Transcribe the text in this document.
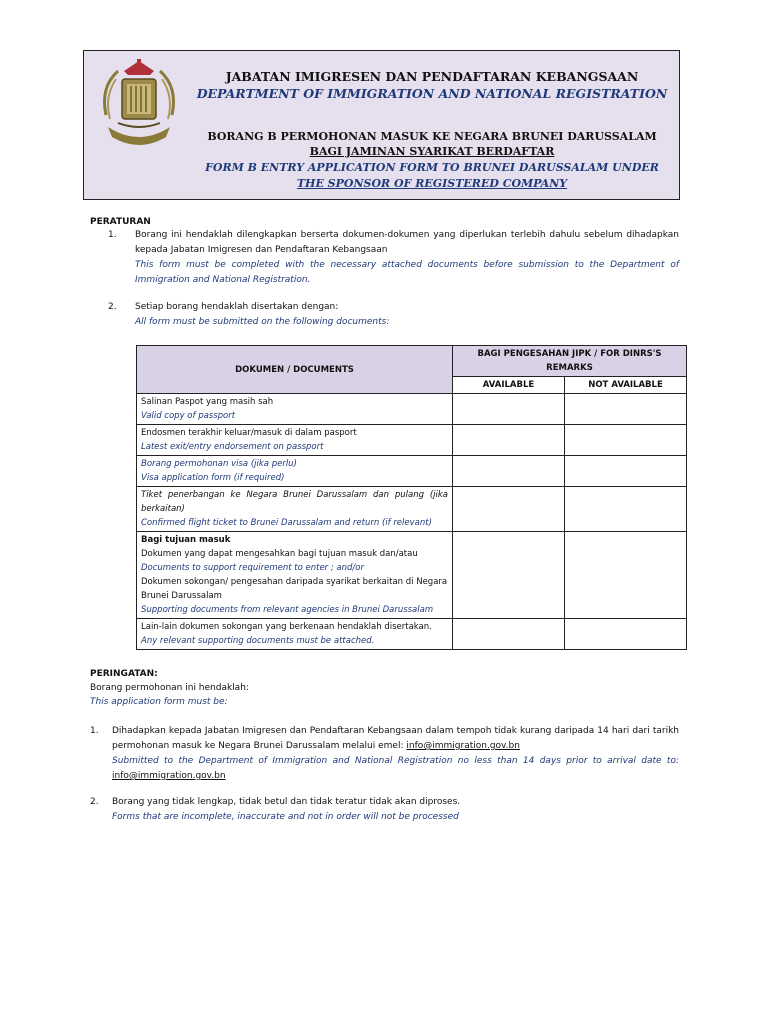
JABATAN IMIGRESEN DAN PENDAFTARAN KEBANGSAAN
DEPARTMENT OF IMMIGRATION AND NATIONAL REGISTRATION
BORANG B PERMOHONAN MASUK KE NEGARA BRUNEI DARUSSALAM
BAGI JAMINAN SYARIKAT BERDAFTAR
FORM B ENTRY APPLICATION FORM TO BRUNEI DARUSSALAM UNDER
THE SPONSOR OF REGISTERED COMPANY
PERATURAN
1. Borang ini hendaklah dilengkapkan berserta dokumen-dokumen yang diperlukan terlebih dahulu sebelum dihadapkan kepada Jabatan Imigresen dan Pendaftaran Kebangsaan
This form must be completed with the necessary attached documents before submission to the Department of Immigration and National Registration.
2. Setiap borang hendaklah disertakan dengan:
All form must be submitted on the following documents:
DOKUMEN / DOCUMENTS	BAGI PENGESAHAN JIPK / FOR DINRS'S REMARKS	
	AVAILABLE	NOT AVAILABLE

Salinan Paspot yang masih sah
Valid copy of passport		

Endosmen terakhir keluar/masuk di dalam pasport
Latest exit/entry endorsement on passport		

Borang permohonan visa (jika perlu)
Visa application form (if required)		

Tiket penerbangan ke Negara Brunei Darussalam dan pulang (jika berkaitan)
Confirmed flight ticket to Brunei Darussalam and return (if relevant)		

Bagi tujuan masuk
Dokumen yang dapat mengesahkan bagi tujuan masuk dan/atau
Documents to support requirement to enter ; and/or
Dokumen sokongan/ pengesahan daripada syarikat berkaitan di Negara Brunei Darussalam
Supporting documents from relevant agencies in Brunei Darussalam		

Lain-lain dokumen sokongan yang berkenaan hendaklah disertakan.
Any relevant supporting documents must be attached.		

PERINGATAN:
Borang permohonan ini hendaklah:
This application form must be:
1. Dihadapkan kepada Jabatan Imigresen dan Pendaftaran Kebangsaan dalam tempoh tidak kurang daripada 14 hari dari tarikh permohonan masuk ke Negara Brunei Darussalam melalui emel: info@immigration.gov.bn
Submitted to the Department of Immigration and National Registration no less than 14 days prior to arrival date to: info@immigration.gov.bn
2. Borang yang tidak lengkap, tidak betul dan tidak teratur tidak akan diproses.
Forms that are incomplete, inaccurate and not in order will not be processed
